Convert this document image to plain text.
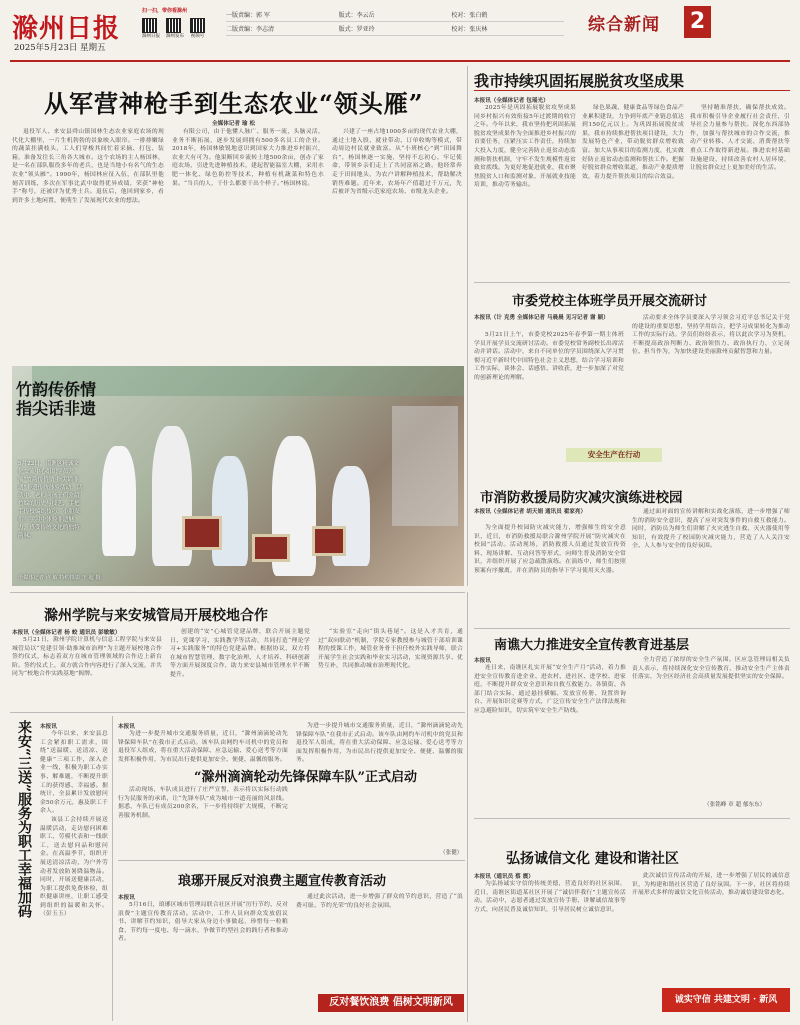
滁州日报
2025年5月23日 星期五
扫一扫，带你看滁州
滁州日报 滁州发布 视频号
一版责编：郭 军	版式：李云岳	校对：张白鹤
二版责编：李志清	版式：罗亚玲	校对：张庆林	综合新闻 2
从军营神枪手到生态农业“领头雁”
全媒体记者 瑜 松

退役军人、来安县舜山镇国林生态农业家庭农场的现代化大棚里，一片生机勃勃的景象映入眼帘。一排排嫩绿的蔬菜挂满枝头，工人们穿梭其间忙着采摘、打包、装箱，准备发往长三角各大城市。这个农场的主人杨国林，是一名在部队服役多年的老兵，也是当地小有名气的生态农业“领头雁”。1990年，杨国林应征入伍，在部队里他刻苦训练，多次在军事比武中取得优异成绩，荣获“神枪手”称号，还被评为优秀士兵。退伍后，他回到家乡，看到许多土地闲置，便萌生了发展现代农业的想法。

有限公司，由于他懂人脉广、服务一流，头脑灵活，业务不断拓展，逐步发展到拥有500多名员工的企业。2018年，杨国林敏锐地意识到国家大力推进乡村振兴，农业大有可为。他果断回乡流转土地500余亩，创办了家庭农场，引进先进种植技术，建起智能温室大棚，采用水肥一体化、绿色防控等技术，种植有机蔬菜和特色水果。“当兵的人，干什么都要干出个样子。”杨国林说。

兴建了一座占地1000多亩的现代农业大棚，通过土地入股、就业带动、订单收购等模式，带动周边村民就业致富。从“小班核心”到“田园舞台”，杨国林逐一实施，坚持不忘初心，牢记使命，带领乡亲们走上了共同富裕之路。他经常奔走于田间地头，为农户讲解种植技术，帮助解决销售难题。近年来，农场年产值超过千万元，先后被评为省级示范家庭农场、市级龙头企业。

我市持续巩固拓展脱贫攻坚成果
本报讯（全媒体记者 包瑶光）

2025年是巩固拓展脱贫攻坚成果同乡村振兴有效衔接5年过渡期的收官之年。今年以来，我市坚持把巩固拓展脱贫攻坚成果作为全面推进乡村振兴的首要任务，压紧压实工作责任，持续加大投入力度，健全完善防止返贫动态监测和帮扶机制，守牢不发生规模性返贫致贫底线。为更好地促进就业，我市聚焦脱贫人口和监测对象，开展就业技能培训，推动劳务输出。

绿色果蔬、健康食品等绿色食品产业累积建设，力争到年底产业链总值达到150亿元以上。为巩固拓展脱贫成果，我市持续推进帮扶项目建设，大力发展特色产业，带动脱贫群众增收致富。加大从事项目的监测力度，扎实做好防止返贫动态监测和帮扶工作。把握好脱贫群众增收渠道，推动产业提质增效，着力提升帮扶项目的综合效益。

坚持精准帮扶，确保帮扶成效。我市积极引导企业履行社会责任，引导社会力量参与帮扶。深化东西部协作，加强与帮扶城市的合作交流，推动产业转移、人才交流、消费帮扶等重点工作取得新进展。推进农村基础设施建设，持续改善农村人居环境，让脱贫群众过上更加美好的生活。

市委党校主体班学员开展交流研讨
本报讯（计 克勇 全媒体记者 马晨晨 见习记者 谢 颖）

5月21日上午，市委党校2025年春季第一期主体班学员开展学员交流研讨活动。市委党校常务副校长出席活动并讲话。活动中，来自不同单位的学员围绕深入学习贯彻习近平新时代中国特色社会主义思想，结合学习培训和工作实际，谈体会、话感悟、讲收获，进一步加深了对党的创新理论的理解。

活动要求全体学员要深入学习领会习近平总书记关于党的建设的重要思想，坚持学用结合，把学习成果转化为推动工作的实际行动。学员们纷纷表示，将以此次学习为契机，不断提高政治判断力、政治领悟力、政治执行力，立足岗位、担当作为，为加快建设美丽滁州贡献智慧和力量。

竹韵传侨情 指尖话非遗
5月22日，南谯区精诚文化交流中心组织学员开展“竹韵传侨情·指尖话非遗”非遗传统体验活动。活动中，老师向孩子们介绍竹编的历史与技艺，手把手传授编织技巧，小朋友们在学习中体验非遗魅力，感受传统文化的独特韵味。
全媒体记者 卢 敏 特约摄影 王 超 摄
安全生产在行动
市消防救援局防灾减灾演练进校园
本报讯（全媒体记者 胡天娟 通讯员 翟家亮）

为全面提升校园防灾减灾能力，增强师生的安全意识，近日，市消防救援局联合滁州学院开展“防灾减灾在校园”活动。活动现场，消防救援人员通过发放宣传资料、现场讲解、互动问答等形式，向师生普及消防安全常识，并组织开展了应急疏散演练。在演练中，师生们按照预案有序撤离，并在消防员的指导下学习使用灭火器。

通过面对面的宣传讲解和实战化演练，进一步增强了师生的消防安全意识，提高了应对突发事件的自救互救能力。同时，消防员为师生们讲解了火灾逃生自救、灭火器使用等知识，有效提升了校园防灾减灾能力，营造了人人关注安全、人人参与安全的良好氛围。

南谯大力推进安全宣传教育进基层
本报讯

连日来，南谯区扎实开展“安全生产月”活动，着力推进安全宣传教育进企业、进农村、进社区、进学校、进家庭，不断提升群众安全意识和自救互救能力。各镇街、各部门结合实际，通过悬挂横幅、发放宣传册、设置咨询台、开展知识竞赛等方式，广泛宣传安全生产法律法规和应急避险知识，切实筑牢安全生产防线。

全力营造了浓厚的安全生产氛围。区应急管理局相关负责人表示，将持续深化安全宣传教育，推动安全生产主体责任落实，为全区经济社会高质量发展提供坚实的安全保障。

（张铭峰 章 超 郁东东）
滁州学院与来安城管局开展校地合作
本报讯（全媒体记者 杨 蛟 通讯员 彭敏敏）

5月21日，滁州学院计算机与信息工程学院与来安县城管局以“党建引领·助推城市治理”为主题开展校地合作签约仪式，标志着双方在城市管理领域的合作迈上新台阶。签约仪式上，双方就合作内容进行了深入交流，并共同为“校地合作实践基地”揭牌。

创建的“安”心城管党建品牌，联合开展主题党日、党课学习、实践教学等活动，共同打造“理论学习+实践服务”的特色党建品牌。根据协议，双方将在城市智慧管理、数字化治理、人才培养、科研创新等方面开展深度合作，助力来安县城市管理水平不断提升。

“实验室”走向“街头巷尾”。这是入才共育，通过“双向联动”机制，学院专家教授参与城管干部培训课程的授课工作，城管业务骨干担任校外实践导师，联合开展学生社会实践和毕业实习活动，实现资源共享、优势互补，共同推动城市治理现代化。

来安“三送”服务为职工幸福加码 本报讯

今年以来，来安县总工会紧扣职工需求，围绕“送温暖、送清凉、送健康”三项工作，深入企业一线，积极为职工办实事、解难题，不断提升职工的获得感、幸福感。据统计，全县累计发放慰问金50余万元，惠及职工千余人。

该县工会持续开展送温暖活动，走访慰问困难职工、劳模代表和一线职工，送去慰问品和慰问金。在高温季节，组织开展送清凉活动，为户外劳动者发放防暑降温物品。同时，开展送健康活动，为职工提供免费体检，组织健康讲座，让职工感受到组织的温暖和关怀。（彭玉玉）

“滁州滴滴轮动先锋保障车队”正式启动
本报讯

为进一步提升城市交通服务质量，近日，“滁州滴滴轮动先锋保障车队”在我市正式启动。该车队由网约车司机中的党员和退役军人组成，将在重大活动保障、应急运输、爱心送考等方面发挥积极作用，为市民出行提供更加安全、便捷、温馨的服务。

活动现场，车队成员进行了庄严宣誓，表示将以实际行动践行为民服务的承诺，让“先锋车队”成为城市一道亮丽的风景线。据悉，车队已有成员200余名，下一步将持续扩大规模，不断完善服务机制。

为进一步提升城市交通服务质量，近日，“滁州滴滴轮动先锋保障车队”在我市正式启动。该车队由网约车司机中的党员和退役军人组成，将在重大活动保障、应急运输、爱心送考等方面发挥积极作用，为市民出行提供更加安全、便捷、温馨的服务。

（张健）
琅琊开展反对浪费主题宣传教育活动
本报讯

5月16日，琅琊区城市管理局联合社区开展“厉行节约、反对浪费”主题宣传教育活动。活动中，工作人员向群众发放倡议书、讲解节约知识，倡导大家从身边小事做起，珍惜每一粒粮食、节约每一度电、每一滴水，争做节约型社会的践行者和推动者。

通过此次活动，进一步增强了群众的节约意识，营造了“浪费可耻、节约光荣”的良好社会氛围。

反对餐饮浪费 倡树文明新风
弘扬诚信文化 建设和谐社区
本报讯（通讯员 蔡 震）

为弘扬诚实守信的传统美德，营造良好的社区氛围，近日，南谯区街道某社区开展了“诚信伴我行”主题宣传活动。活动中，志愿者通过发放宣传手册、讲解诚信故事等方式，向居民普及诚信知识，引导居民树立诚信意识。

此次诚信宣传活动的开展，进一步增强了居民的诚信意识，为构建和谐社区营造了良好氛围。下一步，社区将持续开展形式多样的诚信文化宣传活动，推动诚信建设常态化。

诚实守信 共建文明 · 新风
